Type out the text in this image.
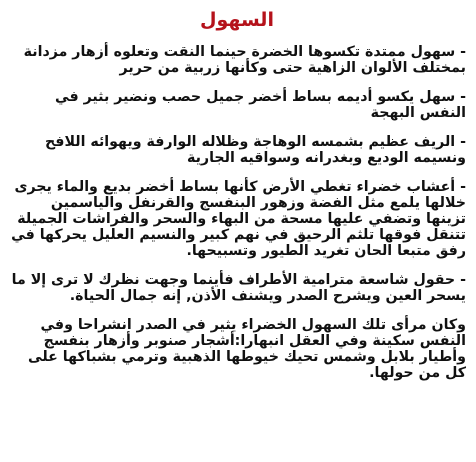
السهول

- سهول ممتدة تكسوها الخضرة حينما النقت وتعلوه أزهار مزدانة بمختلف الألوان الزاهية حتى وكأنها زربية من حرير

- سهل يكسو أديمه بساط أخضر جميل حصب ونضير بثير في النفس البهجة

- الريف عظيم بشمسه الوهاجة وظلاله الوارفة ويهوائه اللافح ونسيمه الوديع وبغدرانه وسواقيه الجارية

- أعشاب خضراء تغطي الأرض كأنها بساط أخضر بديع والماء يجرى خلالها يلمع مثل الفضة وزهور البنفسج والقرنفل والياسمين تزينها وتضفي عليها مسحة من البهاء والسحر والفراشات الجميلة تتنقل فوقها تلثم الرحيق في نهم كبير والنسيم العليل يحركها في رفق متبعا الحان تغريد الطيور وتسبيحها.

- حقول شاسعة مترامية الأطراف فأينما وجهت نظرك لا ترى إلا ما يسحر العين ويشرح الصدر ويشنف الأذن, إنه جمال الحياة.

وكان مرأى تلك السهول الخضراء يثير في الصدر انشراحا وفي النفس سكينة وفي العقل انبهارا:أشجار صنوبر وأزهار بنفسج وأطيار بلابل وشمس تحيك خيوطها الذهبية وترمي بشباكها على كل من حولها.
